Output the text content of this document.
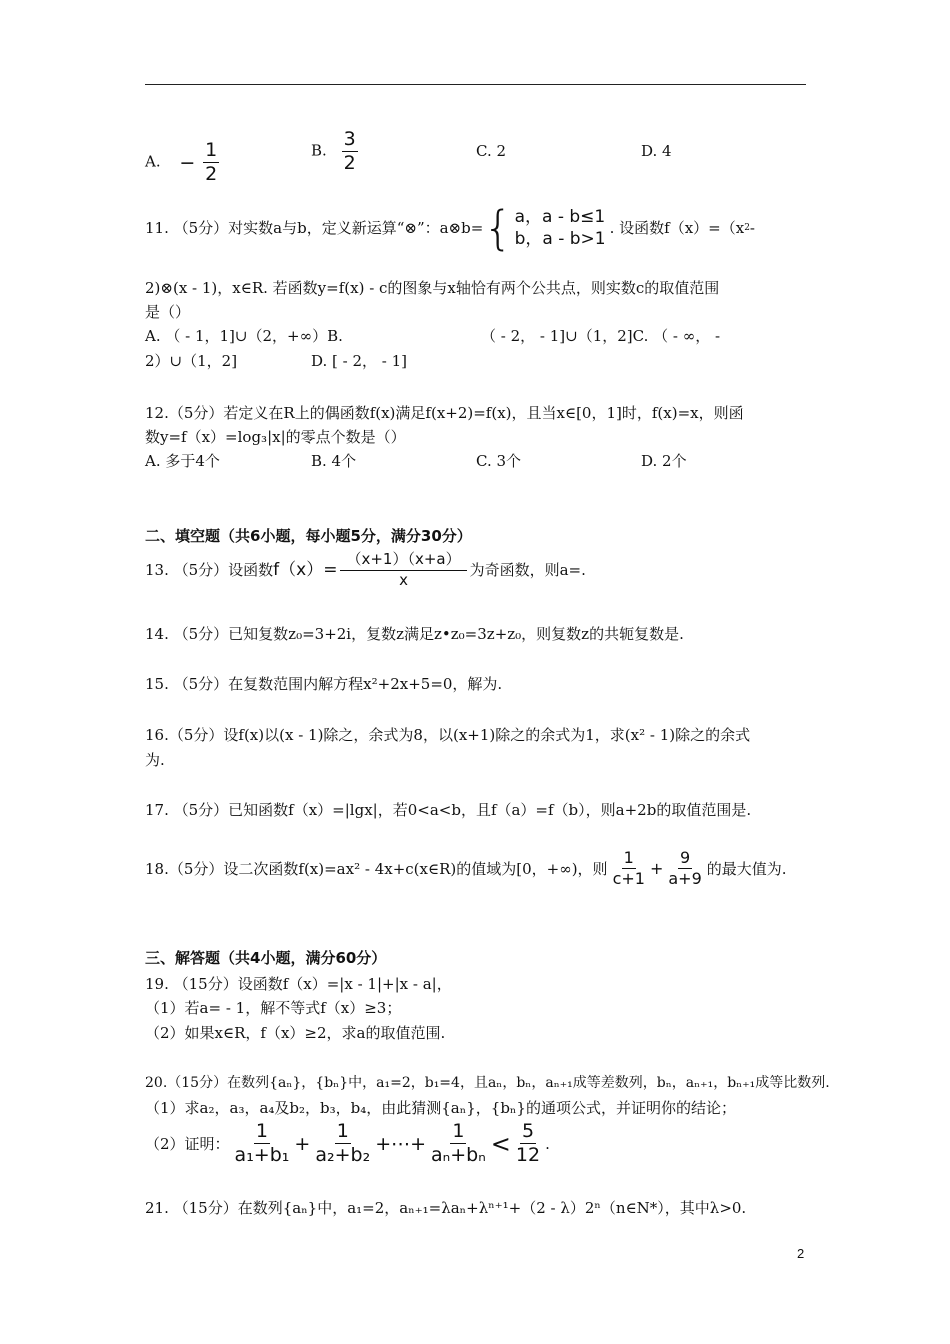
A. − $\frac{1}{2}$	B. $\frac{3}{2}$	C. 2	D. 4
11. （5分）对实数a与b，定义新运算“⊗”：a⊗b= { a，a - b≤1
b，a - b>1
. 设函数f（x）=（x 2 -
2)⊗(x - 1)，x∈R. 若函数y=f(x) - c的图象与x轴恰有两个公共点，则实数c的取值范围
是（）
A. （ - 1，1]∪（2，+∞）B.	（ - 2， - 1]∪（1，2]C. （ - ∞， -
2）∪（1，2]	D. [ - 2， - 1]
12.（5分）若定义在R上的偶函数f(x)满足f(x+2)=f(x)，且当x∈[0，1]时，f(x)=x，则函
数y=f（x）=log₃|x|的零点个数是（）
A. 多于4个	B. 4个	C. 3个	D. 2个
二、填空题（共6小题，每小题5分，满分30分）
13. （5分）设函数 $f(x)= \frac{(x+1)(x+a)}{x}$ 为奇函数，则a=.
14. （5分）已知复数z₀=3+2i，复数z满足z•z₀=3z+z₀，则复数z的共轭复数是.
15. （5分）在复数范围内解方程x²+2x+5=0，解为.
16.（5分）设f(x)以(x - 1)除之，余式为8，以(x+1)除之的余式为1，求(x² - 1)除之的余式
为.
17. （5分）已知函数f（x）=|lgx|，若0<a<b，且f（a）=f（b），则a+2b的取值范围是.
18.（5分）设二次函数f(x)=ax² - 4x+c(x∈R)的值域为[0，+∞)，则 $\frac{1}{c+1} + \frac{9}{a+9}$ 的最大值为.
三、解答题（共4小题，满分60分）
19. （15分）设函数f（x）=|x - 1|+|x - a|，
（1）若a= - 1，解不等式f（x）≥3；
（2）如果x∈R，f（x）≥2，求a的取值范围.
20.（15分）在数列{aₙ}，{bₙ}中，a₁=2，b₁=4，且aₙ，bₙ，aₙ₊₁成等差数列，bₙ，aₙ₊₁，bₙ₊₁成等比数列.
（1）求a₂，a₃，a₄及b₂，b₃，b₄，由此猜测{aₙ}，{bₙ}的通项公式，并证明你的结论；
（2）证明： $\frac{1}{\text{a₁+b₁}} + \frac{1}{\text{a₂+b₂}}$ +⋯+ $\frac{1}{\text{aₙ+bₙ}} < \frac{5}{12}$ .
21. （15分）在数列{aₙ}中，a₁=2，aₙ₊₁=λaₙ+λⁿ⁺¹+（2 - λ）2ⁿ（n∈N*），其中λ>0.
2
